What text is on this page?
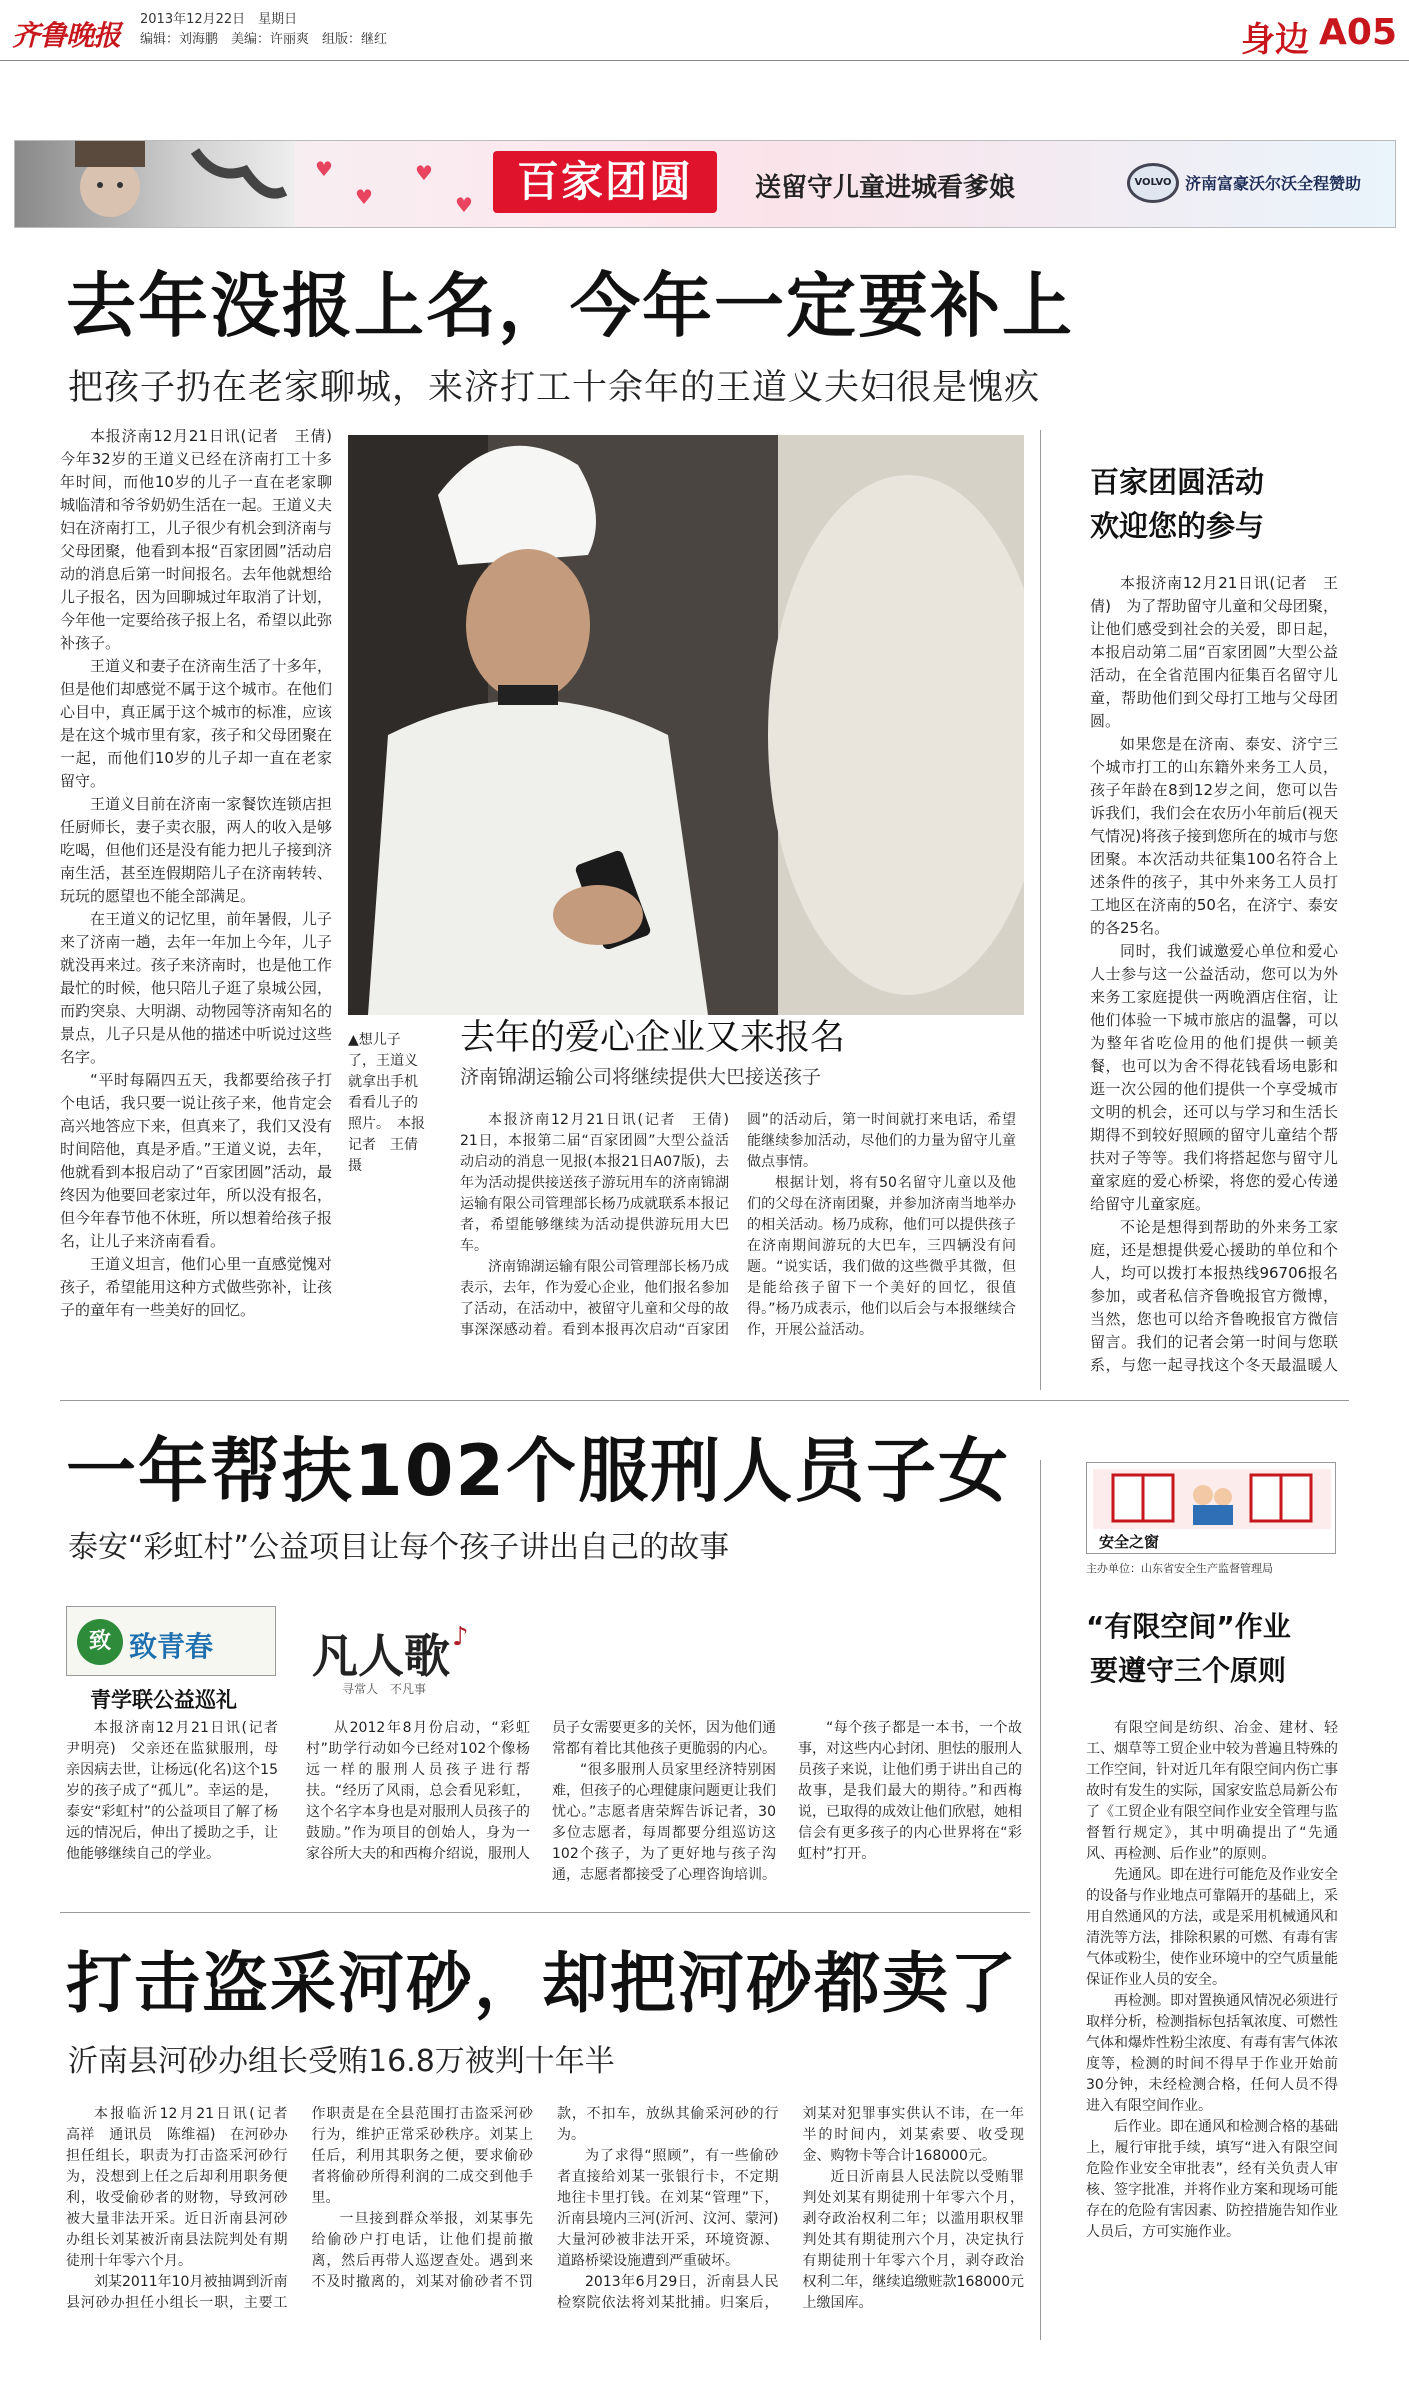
齐鲁晚报	2013年12月22日　星期日
编辑：刘海鹏　美编：许丽爽　组版：继红	身边 A05
♥
♥
♥
♥	百家团圆	送留守儿童进城看爹娘	VOLVO 济南富豪沃尔沃全程赞助
去年没报上名，今年一定要补上
把孩子扔在老家聊城，来济打工十余年的王道义夫妇很是愧疚

本报济南12月21日讯(记者　王倩)　今年32岁的王道义已经在济南打工十多年时间，而他10岁的儿子一直在老家聊城临清和爷爷奶奶生活在一起。王道义夫妇在济南打工，儿子很少有机会到济南与父母团聚，他看到本报“百家团圆”活动启动的消息后第一时间报名。去年他就想给儿子报名，因为回聊城过年取消了计划，今年他一定要给孩子报上名，希望以此弥补孩子。

王道义和妻子在济南生活了十多年，但是他们却感觉不属于这个城市。在他们心目中，真正属于这个城市的标准，应该是在这个城市里有家，孩子和父母团聚在一起，而他们10岁的儿子却一直在老家留守。

王道义目前在济南一家餐饮连锁店担任厨师长，妻子卖衣服，两人的收入是够吃喝，但他们还是没有能力把儿子接到济南生活，甚至连假期陪儿子在济南转转、玩玩的愿望也不能全部满足。

在王道义的记忆里，前年暑假，儿子来了济南一趟，去年一年加上今年，儿子就没再来过。孩子来济南时，也是他工作最忙的时候，他只陪儿子逛了泉城公园，而趵突泉、大明湖、动物园等济南知名的景点，儿子只是从他的描述中听说过这些名字。

“平时每隔四五天，我都要给孩子打个电话，我只要一说让孩子来，他肯定会高兴地答应下来，但真来了，我们又没有时间陪他，真是矛盾。”王道义说，去年，他就看到本报启动了“百家团圆”活动，最终因为他要回老家过年，所以没有报名，但今年春节他不休班，所以想着给孩子报名，让儿子来济南看看。

王道义坦言，他们心里一直感觉愧对孩子，希望能用这种方式做些弥补，让孩子的童年有一些美好的回忆。

▲想儿子了，王道义就拿出手机看看儿子的照片。　本报记者　王倩　摄
去年的爱心企业又来报名
济南锦湖运输公司将继续提供大巴接送孩子

本报济南12月21日讯(记者　王倩)　21日，本报第二届“百家团圆”大型公益活动启动的消息一见报(本报21日A07版)，去年为活动提供接送孩子游玩用车的济南锦湖运输有限公司管理部长杨乃成就联系本报记者，希望能够继续为活动提供游玩用大巴车。

济南锦湖运输有限公司管理部长杨乃成表示，去年，作为爱心企业，他们报名参加了活动，在活动中，被留守儿童和父母的故事深深感动着。看到本报再次启动“百家团圆”的活动后，第一时间就打来电话，希望能继续参加活动，尽他们的力量为留守儿童做点事情。

根据计划，将有50名留守儿童以及他们的父母在济南团聚，并参加济南当地举办的相关活动。杨乃成称，他们可以提供孩子在济南期间游玩的大巴车，三四辆没有问题。“说实话，我们做的这些微乎其微，但是能给孩子留下一个美好的回忆，很值得。”杨乃成表示，他们以后会与本报继续合作，开展公益活动。

百家团圆活动
欢迎您的参与

本报济南12月21日讯(记者　王倩)　为了帮助留守儿童和父母团聚，让他们感受到社会的关爱，即日起，本报启动第二届“百家团圆”大型公益活动，在全省范围内征集百名留守儿童，帮助他们到父母打工地与父母团圆。

如果您是在济南、泰安、济宁三个城市打工的山东籍外来务工人员，孩子年龄在8到12岁之间，您可以告诉我们，我们会在农历小年前后(视天气情况)将孩子接到您所在的城市与您团聚。本次活动共征集100名符合上述条件的孩子，其中外来务工人员打工地区在济南的50名，在济宁、泰安的各25名。

同时，我们诚邀爱心单位和爱心人士参与这一公益活动，您可以为外来务工家庭提供一两晚酒店住宿，让他们体验一下城市旅店的温馨，可以为整年省吃俭用的他们提供一顿美餐，也可以为舍不得花钱看场电影和逛一次公园的他们提供一个享受城市文明的机会，还可以与学习和生活长期得不到较好照顾的留守儿童结个帮扶对子等等。我们将搭起您与留守儿童家庭的爱心桥梁，将您的爱心传递给留守儿童家庭。

不论是想得到帮助的外来务工家庭，还是想提供爱心援助的单位和个人，均可以拨打本报热线96706报名参加，或者私信齐鲁晚报官方微博，当然，您也可以给齐鲁晚报官方微信留言。我们的记者会第一时间与您联系，与您一起寻找这个冬天最温暖人

一年帮扶102个服刑人员子女
泰安“彩虹村”公益项目让每个孩子讲出自己的故事
致 致青春
青学联公益巡礼

本报济南12月21日讯(记者　尹明亮)　父亲还在监狱服刑，母亲因病去世，让杨远(化名)这个15岁的孩子成了“孤儿”。幸运的是，泰安“彩虹村”的公益项目了解了杨远的情况后，伸出了援助之手，让他能够继续自己的学业。

凡人歌
寻常人　不凡事
♪

从2012年8月份启动，“彩虹村”助学行动如今已经对102个像杨远一样的服刑人员孩子进行帮扶。“经历了风雨，总会看见彩虹，这个名字本身也是对服刑人员孩子的鼓励。”作为项目的创始人，身为一家谷所大夫的和西梅介绍说，服刑人员子女需要更多的关怀，因为他们通常都有着比其他孩子更脆弱的内心。

“很多服刑人员家里经济特别困难，但孩子的心理健康问题更让我们忧心。”志愿者唐荣辉告诉记者，30多位志愿者，每周都要分组巡访这102个孩子，为了更好地与孩子沟通，志愿者都接受了心理咨询培训。

“每个孩子都是一本书，一个故事，对这些内心封闭、胆怯的服刑人员孩子来说，让他们勇于讲出自己的故事，是我们最大的期待。”和西梅说，已取得的成效让他们欣慰，她相信会有更多孩子的内心世界将在“彩虹村”打开。

安全之窗
主办单位：山东省安全生产监督管理局
“有限空间”作业
要遵守三个原则

有限空间是纺织、冶金、建材、轻工、烟草等工贸企业中较为普遍且特殊的工作空间，针对近几年有限空间内伤亡事故时有发生的实际，国家安监总局新公布了《工贸企业有限空间作业安全管理与监督暂行规定》，其中明确提出了“先通风、再检测、后作业”的原则。

先通风。即在进行可能危及作业安全的设备与作业地点可靠隔开的基础上，采用自然通风的方法，或是采用机械通风和清洗等方法，排除积累的可燃、有毒有害气体或粉尘，使作业环境中的空气质量能保证作业人员的安全。

再检测。即对置换通风情况必须进行取样分析，检测指标包括氧浓度、可燃性气体和爆炸性粉尘浓度、有毒有害气体浓度等，检测的时间不得早于作业开始前30分钟，未经检测合格，任何人员不得进入有限空间作业。

后作业。即在通风和检测合格的基础上，履行审批手续，填写“进入有限空间危险作业安全审批表”，经有关负责人审核、签字批准，并将作业方案和现场可能存在的危险有害因素、防控措施告知作业人员后，方可实施作业。

打击盗采河砂，却把河砂都卖了
沂南县河砂办组长受贿16.8万被判十年半

本报临沂12月21日讯(记者　高祥　通讯员　陈维福)　在河砂办担任组长，职责为打击盗采河砂行为，没想到上任之后却利用职务便利，收受偷砂者的财物，导致河砂被大量非法开采。近日沂南县河砂办组长刘某被沂南县法院判处有期徒刑十年零六个月。

刘某2011年10月被抽调到沂南县河砂办担任小组长一职，主要工作职责是在全县范围打击盗采河砂行为，维护正常采砂秩序。刘某上任后，利用其职务之便，要求偷砂者将偷砂所得利润的二成交到他手里。

一旦接到群众举报，刘某事先给偷砂户打电话，让他们提前撤离，然后再带人巡逻查处。遇到来不及时撤离的，刘某对偷砂者不罚款，不扣车，放纵其偷采河砂的行为。

为了求得“照顾”，有一些偷砂者直接给刘某一张银行卡，不定期地往卡里打钱。在刘某“管理”下，沂南县境内三河(沂河、汶河、蒙河)大量河砂被非法开采，环境资源、道路桥梁设施遭到严重破坏。

2013年6月29日，沂南县人民检察院依法将刘某批捕。归案后，刘某对犯罪事实供认不讳，在一年半的时间内，刘某索要、收受现金、购物卡等合计168000元。

近日沂南县人民法院以受贿罪判处刘某有期徒刑十年零六个月，剥夺政治权利二年；以滥用职权罪判处其有期徒刑六个月，决定执行有期徒刑十年零六个月，剥夺政治权利二年，继续追缴赃款168000元上缴国库。
